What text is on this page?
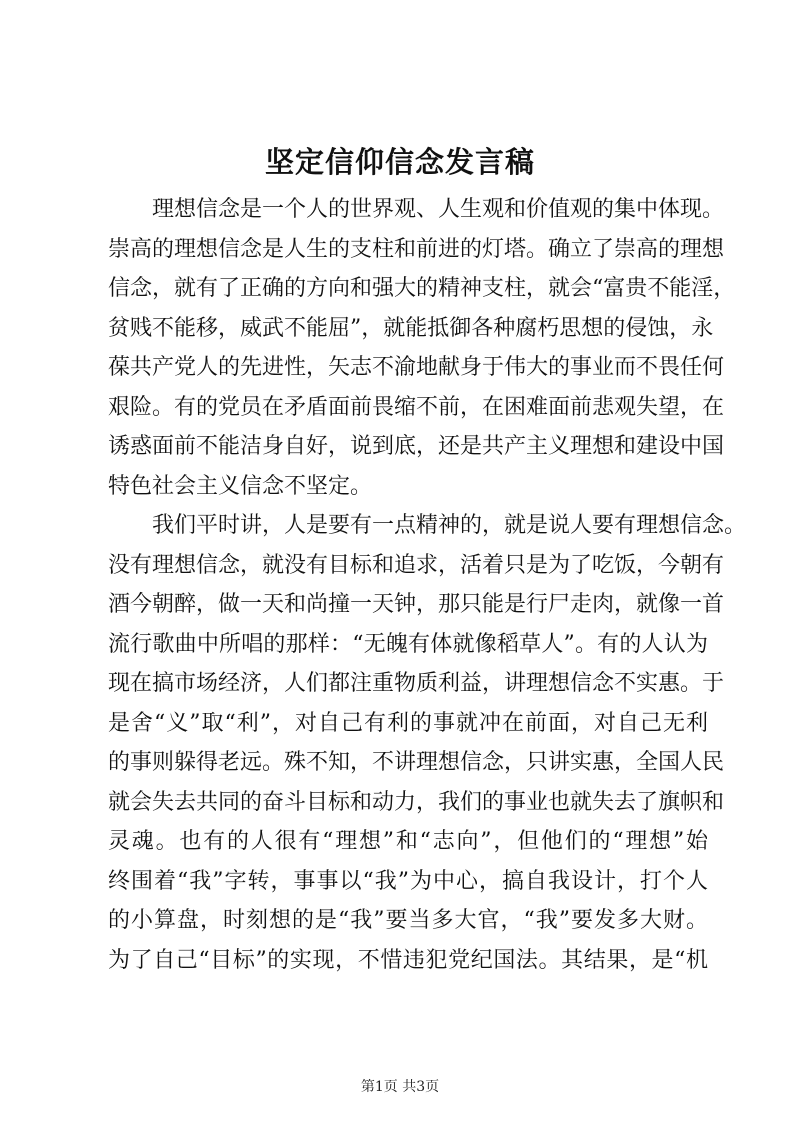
坚定信仰信念发言稿
理想信念是一个人的世界观、人生观和价值观的集中体现。
崇高的理想信念是人生的支柱和前进的灯塔。确立了崇高的理想
信念，就有了正确的方向和强大的精神支柱，就会“富贵不能淫，
贫贱不能移，威武不能屈”，就能抵御各种腐朽思想的侵蚀，永
葆共产党人的先进性，矢志不渝地献身于伟大的事业而不畏任何
艰险。有的党员在矛盾面前畏缩不前，在困难面前悲观失望，在
诱惑面前不能洁身自好，说到底，还是共产主义理想和建设中国
特色社会主义信念不坚定。
我们平时讲，人是要有一点精神的，就是说人要有理想信念。
没有理想信念，就没有目标和追求，活着只是为了吃饭，今朝有
酒今朝醉，做一天和尚撞一天钟，那只能是行尸走肉，就像一首
流行歌曲中所唱的那样：“无魄有体就像稻草人”。有的人认为
现在搞市场经济，人们都注重物质利益，讲理想信念不实惠。于
是舍“义”取“利”，对自己有利的事就冲在前面，对自己无利
的事则躲得老远。殊不知，不讲理想信念，只讲实惠，全国人民
就会失去共同的奋斗目标和动力，我们的事业也就失去了旗帜和
灵魂。也有的人很有“理想”和“志向”，但他们的“理想”始
终围着“我”字转，事事以“我”为中心，搞自我设计，打个人
的小算盘，时刻想的是“我”要当多大官，“我”要发多大财。
为了自己“目标”的实现，不惜违犯党纪国法。其结果，是“机
第1页 共3页
